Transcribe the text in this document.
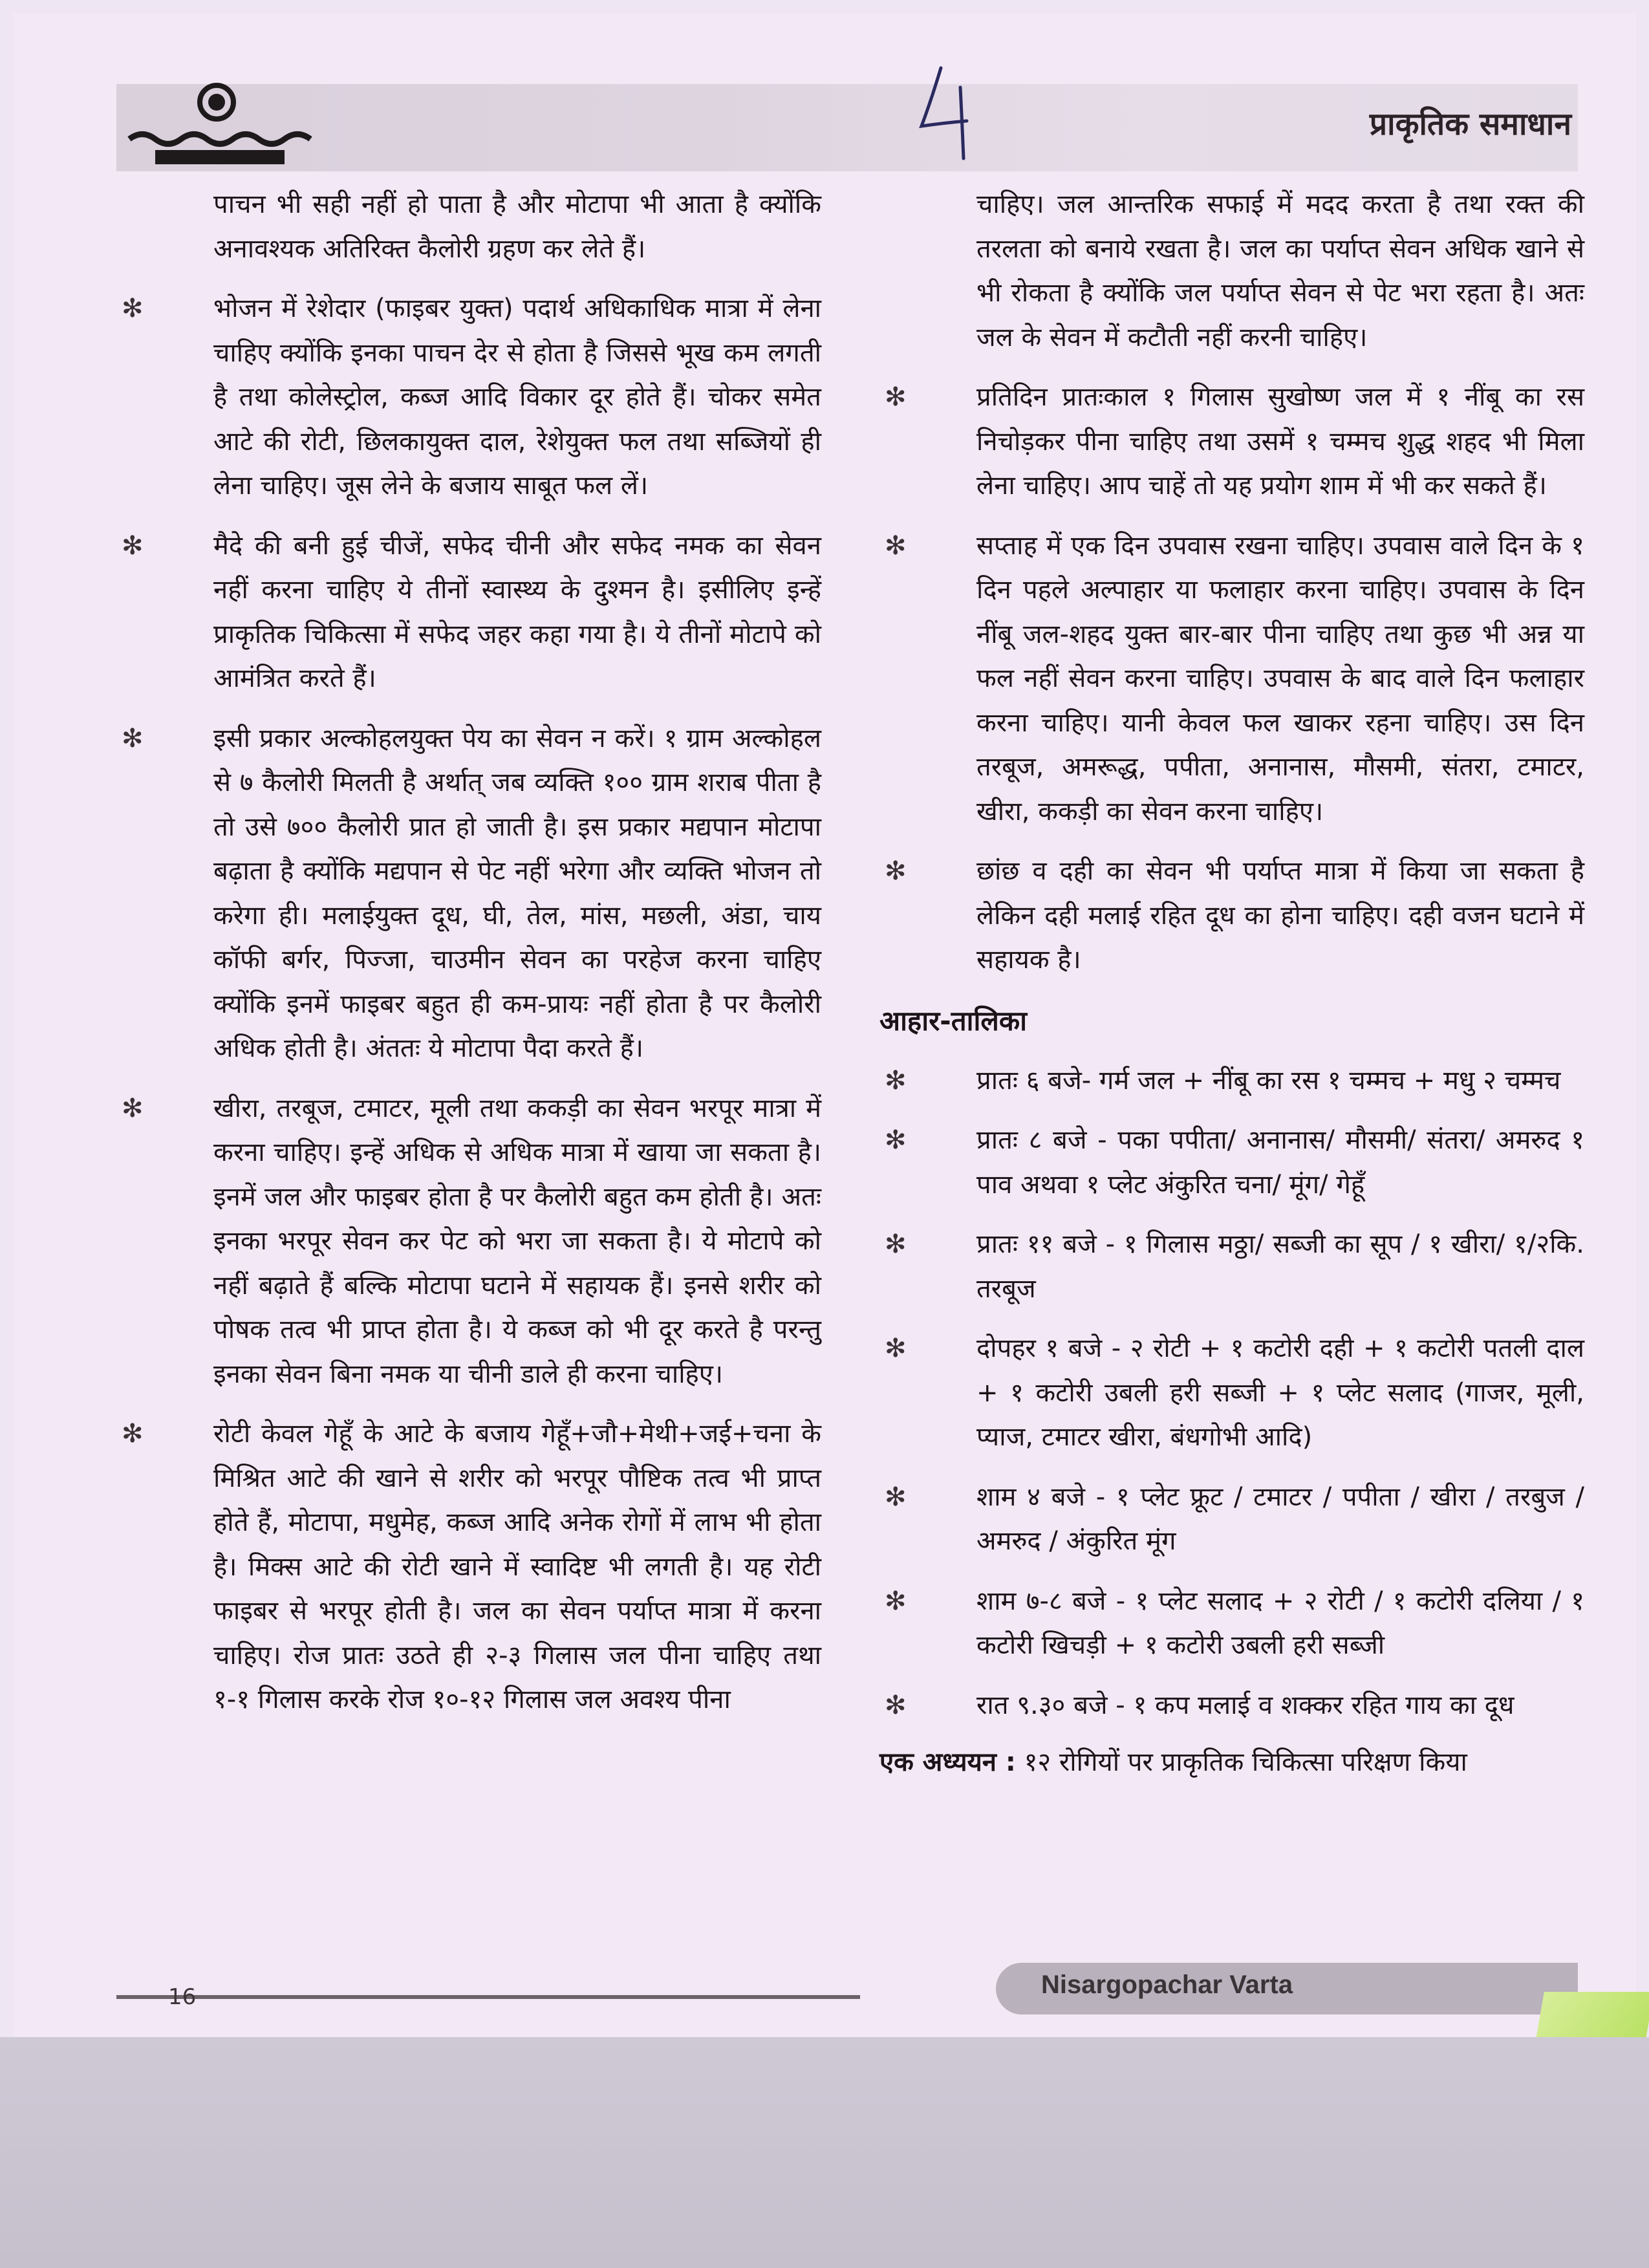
प्राकृतिक समाधान

पाचन भी सही नहीं हो पाता है और मोटापा भी आता है क्योंकि अनावश्यक अतिरिक्त कैलोरी ग्रहण कर लेते हैं।

✻	भोजन में रेशेदार (फाइबर युक्त) पदार्थ अधिकाधिक मात्रा में लेना चाहिए क्योंकि इनका पाचन देर से होता है जिससे भूख कम लगती है तथा कोलेस्ट्रोल, कब्ज आदि विकार दूर होते हैं। चोकर समेत आटे की रोटी, छिलकायुक्त दाल, रेशेयुक्त फल तथा सब्जियों ही लेना चाहिए। जूस लेने के बजाय साबूत फल लें।
✻	मैदे की बनी हुई चीजें, सफेद चीनी और सफेद नमक का सेवन नहीं करना चाहिए ये तीनों स्वास्थ्य के दुश्मन है। इसीलिए इन्हें प्राकृतिक चिकित्सा में सफेद जहर कहा गया है। ये तीनों मोटापे को आमंत्रित करते हैं।
✻	इसी प्रकार अल्कोहलयुक्त पेय का सेवन न करें। १ ग्राम अल्कोहल से ७ कैलोरी मिलती है अर्थात् जब व्यक्ति १०० ग्राम शराब पीता है तो उसे ७०० कैलोरी प्रात हो जाती है। इस प्रकार मद्यपान मोटापा बढ़ाता है क्योंकि मद्यपान से पेट नहीं भरेगा और व्यक्ति भोजन तो करेगा ही। मलाईयुक्त दूध, घी, तेल, मांस, मछली, अंडा, चाय कॉफी बर्गर, पिज्जा, चाउमीन सेवन का परहेज करना चाहिए क्योंकि इनमें फाइबर बहुत ही कम-प्रायः नहीं होता है पर कैलोरी अधिक होती है। अंततः ये मोटापा पैदा करते हैं।
✻	खीरा, तरबूज, टमाटर, मूली तथा ककड़ी का सेवन भरपूर मात्रा में करना चाहिए। इन्हें अधिक से अधिक मात्रा में खाया जा सकता है। इनमें जल और फाइबर होता है पर कैलोरी बहुत कम होती है। अतः इनका भरपूर सेवन कर पेट को भरा जा सकता है। ये मोटापे को नहीं बढ़ाते हैं बल्कि मोटापा घटाने में सहायक हैं। इनसे शरीर को पोषक तत्व भी प्राप्त होता है। ये कब्ज को भी दूर करते है परन्तु इनका सेवन बिना नमक या चीनी डाले ही करना चाहिए।
✻	रोटी केवल गेहूँ के आटे के बजाय गेहूँ+जौ+मेथी+जई+चना के मिश्रित आटे की खाने से शरीर को भरपूर पौष्टिक तत्व भी प्राप्त होते हैं, मोटापा, मधुमेह, कब्ज आदि अनेक रोगों में लाभ भी होता है। मिक्स आटे की रोटी खाने में स्वादिष्ट भी लगती है। यह रोटी फाइबर से भरपूर होती है। जल का सेवन पर्याप्त मात्रा में करना चाहिए। रोज प्रातः उठते ही २-३ गिलास जल पीना चाहिए तथा १-१ गिलास करके रोज १०-१२ गिलास जल अवश्य पीना

चाहिए। जल आन्तरिक सफाई में मदद करता है तथा रक्त की तरलता को बनाये रखता है। जल का पर्याप्त सेवन अधिक खाने से भी रोकता है क्योंकि जल पर्याप्त सेवन से पेट भरा रहता है। अतः जल के सेवन में कटौती नहीं करनी चाहिए।

✻	प्रतिदिन प्रातःकाल १ गिलास सुखोष्ण जल में १ नींबू का रस निचोड़कर पीना चाहिए तथा उसमें १ चम्मच शुद्ध शहद भी मिला लेना चाहिए। आप चाहें तो यह प्रयोग शाम में भी कर सकते हैं।
✻	सप्ताह में एक दिन उपवास रखना चाहिए। उपवास वाले दिन के १ दिन पहले अल्पाहार या फलाहार करना चाहिए। उपवास के दिन नींबू जल-शहद युक्त बार-बार पीना चाहिए तथा कुछ भी अन्न या फल नहीं सेवन करना चाहिए। उपवास के बाद वाले दिन फलाहार करना चाहिए। यानी केवल फल खाकर रहना चाहिए। उस दिन तरबूज, अमरूद्ध, पपीता, अनानास, मौसमी, संतरा, टमाटर, खीरा, ककड़ी का सेवन करना चाहिए।
✻	छांछ व दही का सेवन भी पर्याप्त मात्रा में किया जा सकता है लेकिन दही मलाई रहित दूध का होना चाहिए। दही वजन घटाने में सहायक है।

आहार-तालिका

✻	प्रातः ६ बजे- गर्म जल + नींबू का रस १ चम्मच + मधु २ चम्मच
✻	प्रातः ८ बजे - पका पपीता/ अनानास/ मौसमी/ संतरा/ अमरुद १ पाव अथवा १ प्लेट अंकुरित चना/ मूंग/ गेहूँ
✻	प्रातः ११ बजे - १ गिलास मठ्ठा/ सब्जी का सूप / १ खीरा/ १/२कि. तरबूज
✻	दोपहर १ बजे - २ रोटी + १ कटोरी दही + १ कटोरी पतली दाल + १ कटोरी उबली हरी सब्जी + १ प्लेट सलाद (गाजर, मूली, प्याज, टमाटर खीरा, बंधगोभी आदि)
✻	शाम ४ बजे - १ प्लेट फ्रूट / टमाटर / पपीता / खीरा / तरबुज / अमरुद / अंकुरित मूंग
✻	शाम ७-८ बजे - १ प्लेट सलाद + २ रोटी / १ कटोरी दलिया / १ कटोरी खिचड़ी + १ कटोरी उबली हरी सब्जी
✻	रात ९.३० बजे - १ कप मलाई व शक्कर रहित गाय का दूध

एक अध्ययन : १२ रोगियों पर प्राकृतिक चिकित्सा परिक्षण किया

16	Nisargopachar Varta
